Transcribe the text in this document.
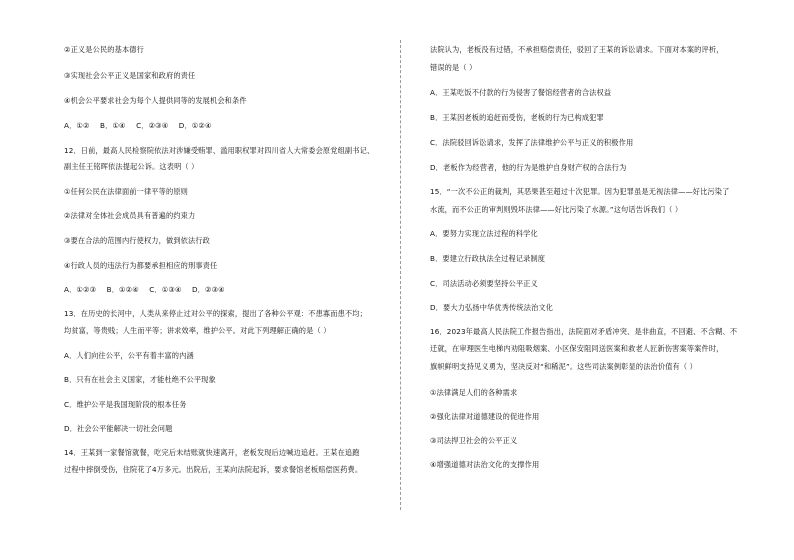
②正义是公民的基本德行
③实现社会公平正义是国家和政府的责任
④机会公平要求社会为每个人提供同等的发展机会和条件
A．①② B．①④ C．②③④ D．①②④
12．日前，最高人民检察院依法对涉嫌受贿罪、滥用职权罪对四川省人大常委会原党组副书记、
副主任王铭晖依法提起公诉。这表明（ ）
①任何公民在法律面前一律平等的原则
②法律对全体社会成员具有普遍的约束力
③要在合法的范围内行使权力，做到依法行政
④行政人员的违法行为都要承担相应的刑事责任
A．①②③ B．①②④ C．①③④ D．②③④
13．在历史的长河中，人类从来停止过对公平的探索，提出了各种公平观：不患寡而患不均；
均贫富，等贵贱；人生而平等；讲求效率，维护公平。对此下列理解正确的是（ ）
A．人们向往公平，公平有着丰富的内涵
B．只有在社会主义国家，才能杜绝不公平现象
C．维护公平是我国现阶段的根本任务
D．社会公平能解决一切社会问题
14．王某到一家餐馆就餐，吃完后未结账就快速离开，老板发现后边喊边追赶。王某在追跑
过程中摔倒受伤，住院花了4万多元。出院后，王某向法院起诉，要求餐馆老板赔偿医药费。
法院认为，老板没有过错，不承担赔偿责任，驳回了王某的诉讼请求。下面对本案的评析，
错误的是（ ）
A．王某吃饭不付款的行为侵害了餐馆经营者的合法权益
B．王某因老板的追赶而受伤，老板的行为已构成犯罪
C．法院驳回诉讼请求，发挥了法律维护公平与正义的积极作用
D．老板作为经营者，他的行为是维护自身财产权的合法行为
15．“一次不公正的裁判，其恶果甚至超过十次犯罪。因为犯罪虽是无视法律——好比污染了
水流，而不公正的审判则毁坏法律——好比污染了水源。”这句话告诉我们（ ）
A．要努力实现立法过程的科学化
B．要建立行政执法全过程记录制度
C．司法活动必须要坚持公平正义
D．要大力弘扬中华优秀传统法治文化
16．2023年最高人民法院工作报告指出，法院面对矛盾冲突、是非曲直，不回避、不含糊、不
迁就，在审理医生电梯内劝阻吸烟案、小区保安阻同送医案和救老人匠新伤害案等案件时，
旗帜鲜明支持见义勇为，坚决反对“和稀泥”。这些司法案例彰显的法治价值有（ ）
①法律满足人们的各种需求
②强化法律对道德建设的促进作用
③司法捍卫社会的公平正义
④增强道德对法治文化的支撑作用
